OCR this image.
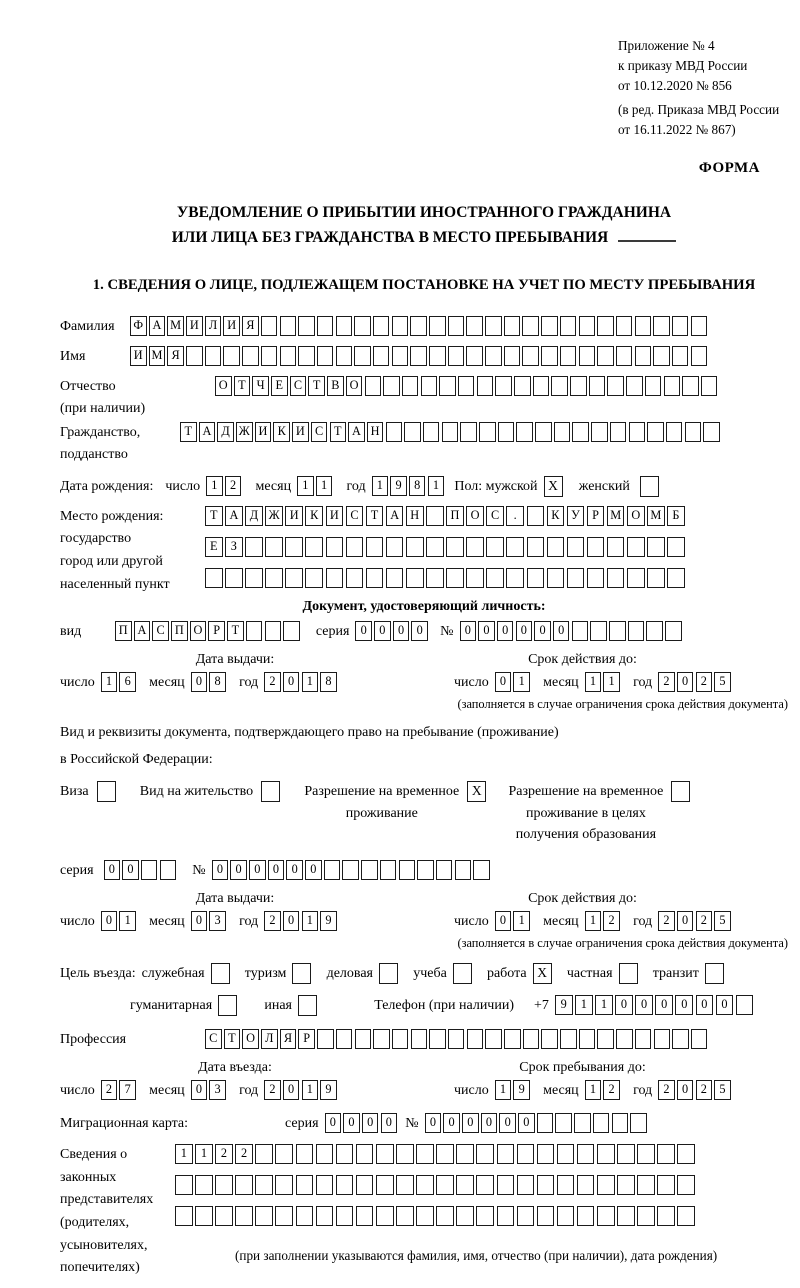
Приложение № 4
к приказу МВД России
от 10.12.2020 № 856
(в ред. Приказа МВД России
от 16.11.2022 № 867)
ФОРМА
УВЕДОМЛЕНИЕ О ПРИБЫТИИ ИНОСТРАННОГО ГРАЖДАНИНА
ИЛИ ЛИЦА БЕЗ ГРАЖДАНСТВА В МЕСТО ПРЕБЫВАНИЯ
1. СВЕДЕНИЯ О ЛИЦЕ, ПОДЛЕЖАЩЕМ ПОСТАНОВКЕ НА УЧЕТ ПО МЕСТУ ПРЕБЫВАНИЯ
Фамилия	Ф А М И Л И Я
Имя	И М Я
Отчество
(при наличии)
О Т Ч Е С Т В О
Гражданство,
подданство
Т А Д Ж И К И С Т А Н
Дата рождения: число 1 2	месяц 1 1	год 1 9 8 1	Пол: мужской X	женский
Место рождения:
государство
город или другой
населенный пункт
Т А Д Ж И К И С Т А Н	П О С .	К У Р М О М Б
Е З
Документ, удостоверяющий личность:
вид	П А С П О Р Т	серия 0 0 0 0	№ 0 0 0 0 0 0
Дата выдачи:	Срок действия до:
число 1 6	месяц 0 8	год 2 0 1 8	число 0 1	месяц 1 1	год 2 0 2 5
(заполняется в случае ограничения срока действия документа)
Вид и реквизиты документа, подтверждающего право на пребывание (проживание)
в Российской Федерации:
Виза	Вид на жительство	Разрешение на временное
проживание
X	Разрешение на временное
проживание в целях
получения образования
серия	0 0	№ 0 0 0 0 0 0
Дата выдачи:	Срок действия до:
число 0 1	месяц 0 3	год 2 0 1 9	число 0 1	месяц 1 2	год 2 0 2 5
(заполняется в случае ограничения срока действия документа)
Цель въезда: служебная	туризм	деловая	учеба	работа X	частная	транзит
гуманитарная	иная	Телефон (при наличии) +7 9 1 1 0 0 0 0 0 0
Профессия	С Т О Л Я Р
Дата въезда:	Срок пребывания до:
число 2 7	месяц 0 3	год 2 0 1 9	число 1 9	месяц 1 2	год 2 0 2 5
Миграционная карта:	серия 0 0 0 0 № 0 0 0 0 0 0
Сведения о
законных
представителях
(родителях,
усыновителях,
попечителях)
1 1 2 2
(при заполнении указываются фамилия, имя, отчество (при наличии), дата рождения)
